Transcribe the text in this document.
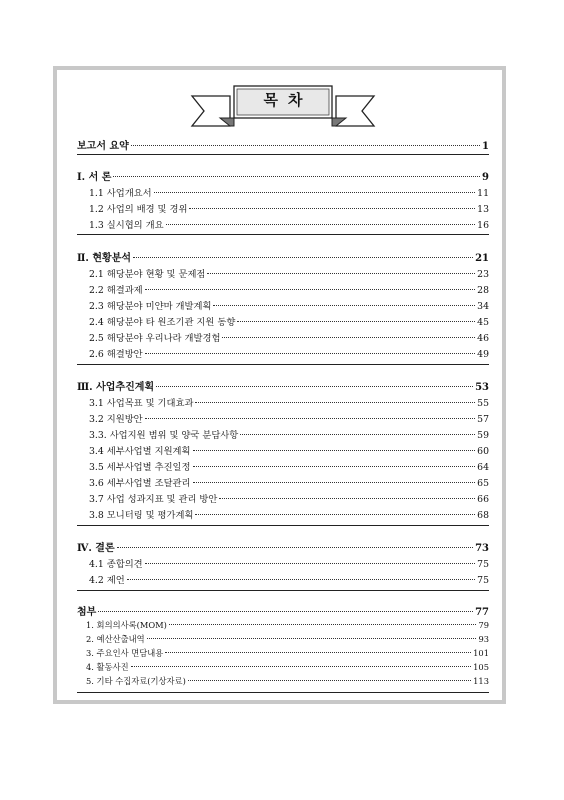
목차
보고서 요약	1
Ⅰ. 서 론	9
1.1 사업개요서	11
1.2 사업의 배경 및 경위	13
1.3 실시협의 개요	16
Ⅱ. 현황분석	21
2.1 해당분야 현황 및 문제점	23
2.2 해결과제	28
2.3 해당분야 미얀마 개발계획	34
2.4 해당분야 타 원조기관 지원 동향	45
2.5 해당분야 우리나라 개발경험	46
2.6 해결방안	49
Ⅲ. 사업추진계획	53
3.1 사업목표 및 기대효과	55
3.2 지원방안	57
3.3. 사업지원 범위 및 양국 분담사항	59
3.4 세부사업별 지원계획	60
3.5 세부사업별 추진일정	64
3.6 세부사업별 조달관리	65
3.7 사업 성과지표 및 관리 방안	66
3.8 모니터링 및 평가계획	68
Ⅳ. 결론	73
4.1 종합의견	75
4.2 제언	75
첨부	77
1. 회의의사록(MOM)	79
2. 예산산출내역	93
3. 주요인사 면담내용	101
4. 활동사진	105
5. 기타 수집자료(기상자료)	113
